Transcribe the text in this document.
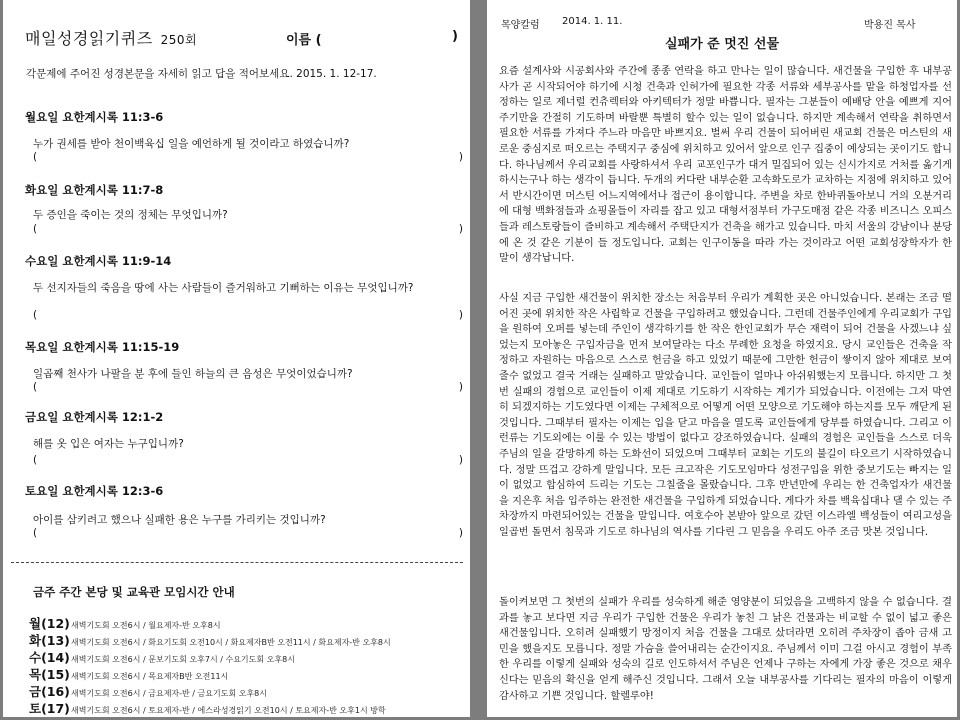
매일성경읽기퀴즈 250회	이름 (	)
각문제에 주어진 성경본문을 자세히 읽고 답을 적어보세요. 2015. 1. 12-17.
월요일 요한계시록 11:3-6
누가 권세를 받아 천이백육십 일을 예언하게 될 것이라고 하였습니까?
(	)
화요일 요한계시록 11:7-8
두 증인을 죽이는 것의 정체는 무엇입니까?
(	)
수요일 요한계시록 11:9-14
두 선지자들의 죽음을 땅에 사는 사람들이 즐거워하고 기뻐하는 이유는 무엇입니까?
(	)
목요일 요한계시록 11:15-19
일곱째 천사가 나팔을 분 후에 들인 하늘의 큰 음성은 무엇이었습니까?
(	)
금요일 요한계시록 12:1-2
해를 옷 입은 여자는 누구입니까?
(	)
토요일 요한계시록 12:3-6
아이를 삼키려고 했으나 실패한 용은 누구를 가리키는 것입니까?
(	)
금주 주간 본당 및 교육관 모임시간 안내
월(12)새벽기도회 오전6시 / 월요제자-반 오후8시
화(13)새벽기도회 오전6시 / 화요기도회 오전10시 / 화요제자B반 오전11시 / 화요제자-반 오후8시
수(14)새벽기도회 오전6시 / 문보기도회 오후7시 / 수요기도회 오후8시
목(15)새벽기도회 오전6시 / 목요제자B반 오전11시
금(16)새벽기도회 오전6시 / 금요제자-반 / 금요기도회 오후8시
토(17)새벽기도회 오전6시 / 토요제자-반 / 에스라성경읽기 오전10시 / 토요제자-반 오후1시 방학
목양칼럼 2014. 1. 11.	박용진 목사
실패가 준 멋진 선물
요즘 설계사와 시공회사와 주간에 종종 연락을 하고 만나는 일이 많습니다. 새건물을 구입한 후 내부공사가 곧 시작되어야 하기에 시청 건축과 인허가에 필요한 각종 서류와 세부공사를 맡을 하청업자를 선정하는 일로 제너럴 컨츄렉터와 아키텍터가 정말 바쁩니다. 필자는 그분들이 예배당 안을 예쁘게 지어주기만을 간절히 기도하며 바랄뿐 특별히 할수 있는 일이 없습니다. 하지만 계속해서 연락을 취하면서 필요한 서류를 가져다 주느라 마음만 바쁘지요. 벌써 우리 건물이 되어버린 새교회 건물은 머스틴의 새로운 중심지로 떠오르는 주택지구 중심에 위치하고 있어서 앞으로 인구 집중이 예상되는 곳이기도 합니다. 하나님께서 우리교회를 사랑하셔서 우리 교포인구가 대거 밀집되어 있는 신시가지로 거처를 옮기게 하시는구나 하는 생각이 듭니다. 두개의 커다란 내부순환 고속화도로가 교차하는 지점에 위치하고 있어서 반시간이면 머스틴 어느지역에서나 접근이 용이합니다. 주변을 차로 한바퀴돌아보니 거의 오분거리에 대형 백화점들과 쇼핑몰들이 자리를 잡고 있고 대형서점부터 가구도매점 같은 각종 비즈니스 오피스들과 레스토랑들이 즐비하고 계속해서 주택단지가 건축을 해가고 있습니다. 마치 서울의 강남이나 분당에 온 것 같은 기분이 들 정도입니다. 교회는 인구이동을 따라 가는 것이라고 어떤 교회성장학자가 한 말이 생각납니다.
사실 지금 구입한 새건물이 위치한 장소는 처음부터 우리가 계획한 곳은 아니었습니다. 본래는 조금 떨어진 곳에 위치한 작은 사립학교 건물을 구입하려고 했었습니다. 그런데 건물주인에게 우리교회가 구입을 원하여 오퍼를 넣는데 주인이 생각하기를 한 작은 한인교회가 무슨 재력이 되어 건물을 사겠느냐 싶었는지 모아놓은 구입자금을 먼저 보여달라는 다소 무례한 요청을 하였지요. 당시 교인들은 건축을 작정하고 자원하는 마음으로 스스로 헌금을 하고 있었기 때문에 그만한 헌금이 쌓이지 않아 제대로 보여줄수 없었고 결국 거래는 실패하고 말았습니다. 교인들이 얼마나 아쉬워했는지 모릅니다. 하지만 그 첫번 실패의 경험으로 교인들이 이제 제대로 기도하기 시작하는 계기가 되었습니다. 이전에는 그저 막연히 되겠지하는 기도였다면 이제는 구체적으로 어떻게 어떤 모양으로 기도해야 하는지를 모두 깨닫게 된 것입니다. 그때부터 필자는 이제는 입을 닫고 마음을 열도록 교인들에게 당부를 하였습니다. 그리고 이런류는 기도외에는 이룰 수 있는 방법이 없다고 강조하였습니다. 실패의 경험은 교인들을 스스로 더욱 주님의 일을 갈망하게 하는 도화선이 되었으며 그때부터 교회는 기도의 불길이 타오르기 시작하였습니다. 정말 뜨겁고 강하게 말입니다. 모든 크고작은 기도모임마다 성전구입을 위한 중보기도는 빠지는 일이 없었고 합심하여 드리는 기도는 그칠줄을 몰랐습니다. 그후 반년만에 우리는 한 건축업자가 새건물을 지은후 처음 입주하는 완전한 새건물을 구입하게 되었습니다. 게다가 차를 백육십대나 댈 수 있는 주차장까지 마련되어있는 건물을 말입니다. 여호수아 본받아 앞으로 갔던 이스라엘 백성들이 여리고성을 일곱번 돌면서 침묵과 기도로 하나님의 역사를 기다린 그 믿음을 우리도 아주 조금 맛본 것입니다.
돌이켜보면 그 첫번의 실패가 우리를 성숙하게 해준 영양분이 되었음을 고백하지 않을 수 없습니다. 결과를 놓고 보다면 지금 우리가 구입한 건물은 우리가 놓친 그 낡은 건물과는 비교할 수 없이 넓고 좋은 새건물입니다. 오히려 실패했기 망정이지 처음 건물을 그대로 샀더라면 오히려 주차장이 좁아 금새 고민을 했을지도 모릅니다. 정말 가슴을 쓸어내리는 순간이지요. 주님께서 이미 그걸 아시고 경험이 부족한 우리를 이렇게 실패와 성숙의 길로 인도하셔서 주님은 언제나 구하는 자에게 가장 좋은 것으로 채우신다는 믿음의 확신을 얻게 해주신 것입니다. 그래서 오늘 내부공사를 기다리는 필자의 마음이 이렇게 감사하고 기쁜 것입니다. 할렐루야!
